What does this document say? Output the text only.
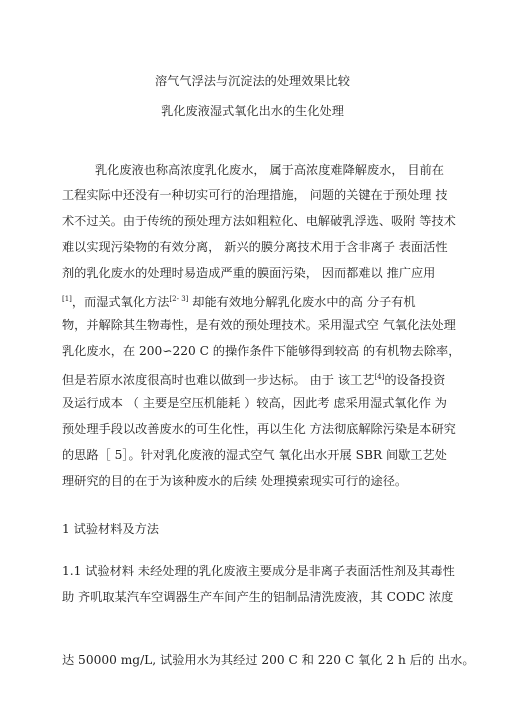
溶气气浮法与沉淀法的处理效果比较
乳化废液湿式氧化出水的生化处理
乳化废液也称高浓度乳化废水， 属于高浓度难降解废水， 目前在
工程实际中还没有一种切实可行的治理措施， 问题的关键在于预处理 技
术不过关。由于传统的预处理方法如粗粒化、电解破乳浮选、吸附 等技术
难以实现污染物的有效分离， 新兴的膜分离技术用于含非离子 表面活性
剂的乳化废水的处理时易造成严重的膜面污染， 因而都难以 推广应用
[1]，而湿式氧化方法[2- 3] 却能有效地分解乳化废水中的高 分子有机
物，并解除其生物毒性，是有效的预处理技术。采用湿式空 气氧化法处理
乳化废水，在 200∽220 C 的操作条件下能够得到较高 的有机物去除率，
但是若原水浓度很高时也难以做到一步达标。 由于 该工艺[4]的设备投资
及运行成本 （ 主要是空压机能耗 ）较高，因此考 虑采用湿式氧化作 为
预处理手段以改善废水的可生化性，再以生化 方法彻底解除污染是本研究
的思路［ 5］。针对乳化废液的湿式空气 氧化出水开展 SBR 间歇工艺处
理研究的目的在于为该种废水的后续 处理摸索现实可行的途径。
1 试验材料及方法
1.1 试验材料 未经处理的乳化废液主要成分是非离子表面活性剂及其毒性
助 齐叽取某汽车空调器生产车间产生的铝制品清洗废液，其 CODC 浓度
达 50000 mg/L, 试验用水为其经过 200 C 和 220 C 氧化 2 h 后的 出水。
